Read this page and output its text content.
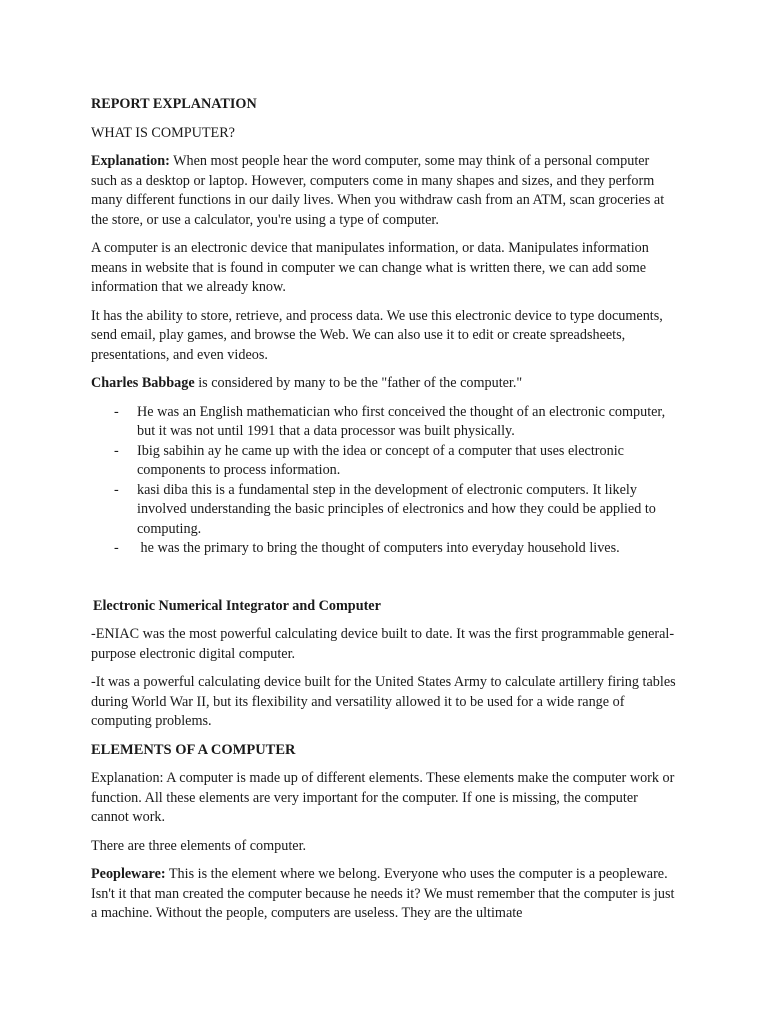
REPORT EXPLANATION
WHAT IS COMPUTER?
Explanation: When most people hear the word computer, some may think of a personal computer such as a desktop or laptop. However, computers come in many shapes and sizes, and they perform many different functions in our daily lives. When you withdraw cash from an ATM, scan groceries at the store, or use a calculator, you're using a type of computer.
A computer is an electronic device that manipulates information, or data. Manipulates information means in website that is found in computer we can change what is written there, we can add some information that we already know.
It has the ability to store, retrieve, and process data. We use this electronic device to type documents, send email, play games, and browse the Web. We can also use it to edit or create spreadsheets, presentations, and even videos.
Charles Babbage is considered by many to be the "father of the computer."
- He was an English mathematician who first conceived the thought of an electronic computer, but it was not until 1991 that a data processor was built physically.
- Ibig sabihin ay he came up with the idea or concept of a computer that uses electronic components to process information.
- kasi diba this is a fundamental step in the development of electronic computers. It likely involved understanding the basic principles of electronics and how they could be applied to computing.
- he was the primary to bring the thought of computers into everyday household lives.
Electronic Numerical Integrator and Computer
-ENIAC was the most powerful calculating device built to date. It was the first programmable general-purpose electronic digital computer.
-It was a powerful calculating device built for the United States Army to calculate artillery firing tables during World War II, but its flexibility and versatility allowed it to be used for a wide range of computing problems.
ELEMENTS OF A COMPUTER
Explanation: A computer is made up of different elements. These elements make the computer work or function. All these elements are very important for the computer. If one is missing, the computer cannot work.
There are three elements of computer.
Peopleware: This is the element where we belong. Everyone who uses the computer is a peopleware. Isn't it that man created the computer because he needs it? We must remember that the computer is just a machine. Without the people, computers are useless. They are the ultimate
